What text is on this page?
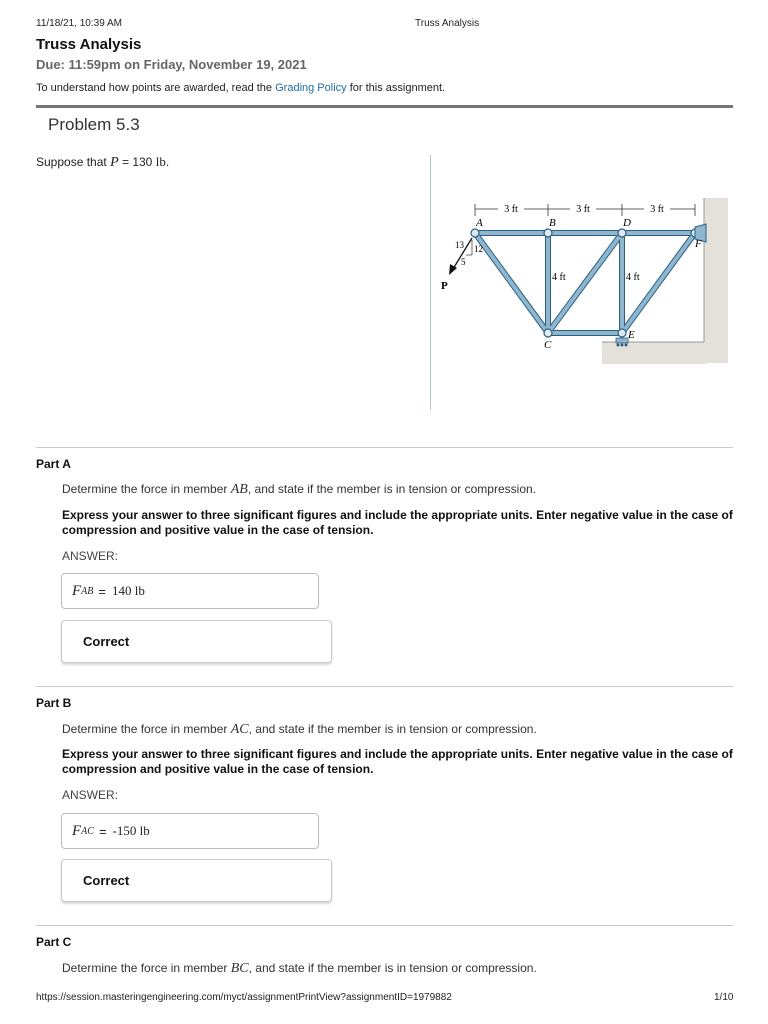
11/18/21, 10:39 AM	Truss Analysis
Truss Analysis
Due: 11:59pm on Friday, November 19, 2021
To understand how points are awarded, read the Grading Policy for this assignment.
Problem 5.3
Suppose that P = 130 lb.
3 ft	3 ft	3 ft
A	B
C
D
E
F
4 ft	4 ft
13 12
5
P
Part A
Determine the force in member AB, and state if the member is in tension or compression.
Express your answer to three significant figures and include the appropriate units. Enter negative value in the case of compression and positive value in the case of tension.
ANSWER:
F AB = 140 lb
Correct
Part B
Determine the force in member AC, and state if the member is in tension or compression.
Express your answer to three significant figures and include the appropriate units. Enter negative value in the case of compression and positive value in the case of tension.
ANSWER:
F AC = -150 lb
Correct
Part C
Determine the force in member BC, and state if the member is in tension or compression.
https://session.masteringengineering.com/myct/assignmentPrintView?assignmentID=1979882	1/10
